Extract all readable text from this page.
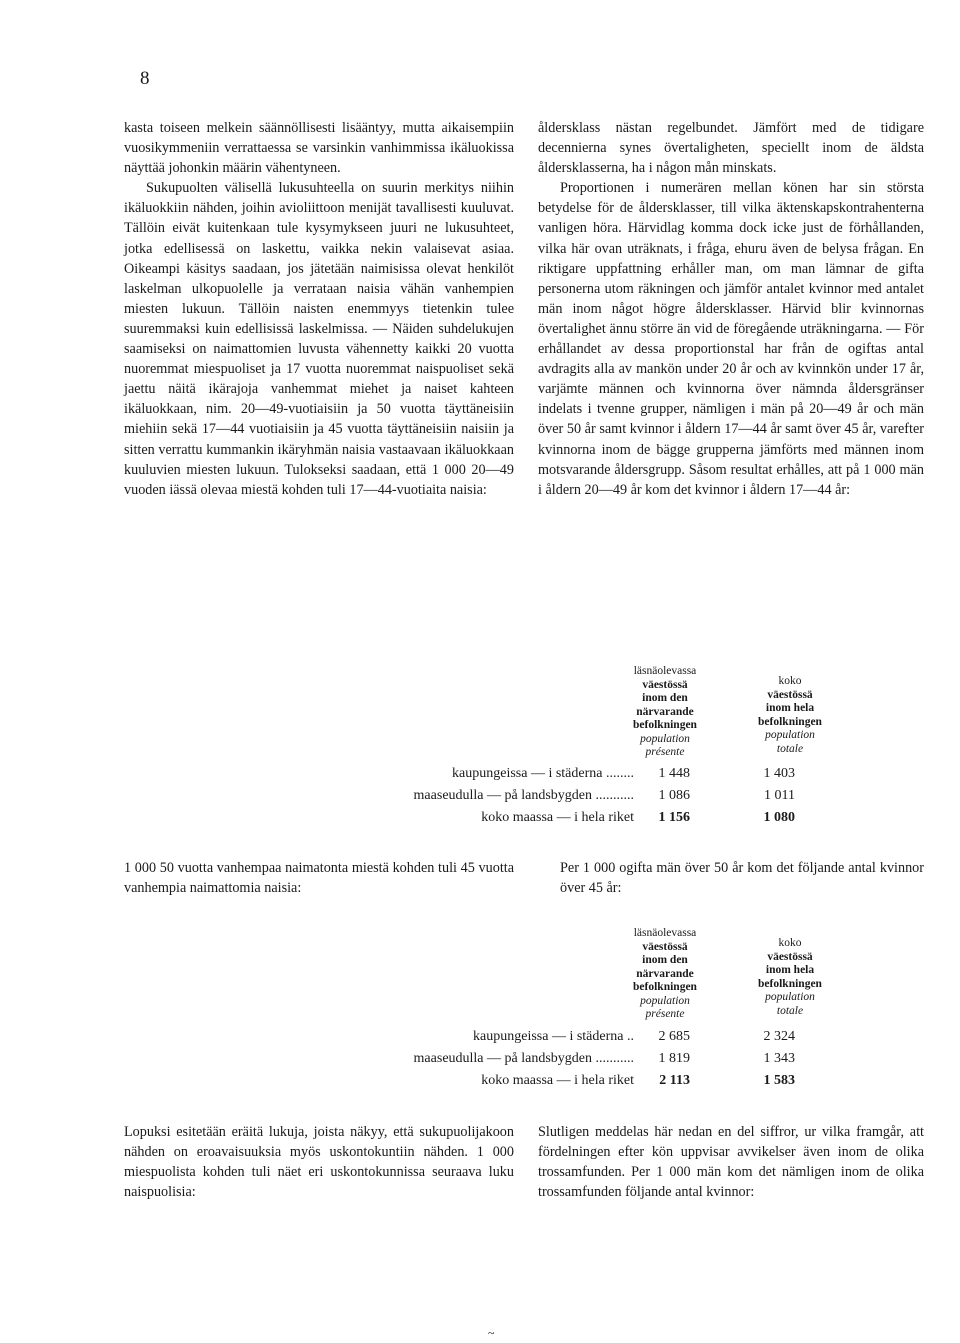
8

kasta toiseen melkein säännöllisesti lisääntyy, mutta aikaisempiin vuosikymmeniin verrattaessa se varsinkin vanhimmissa ikäluokissa näyttää johonkin määrin vähentyneen.

Sukupuolten välisellä lukusuhteella on suurin merkitys niihin ikäluokkiin nähden, joihin avioliittoon menijät tavallisesti kuuluvat. Tällöin eivät kuitenkaan tule kysymykseen juuri ne lukusuhteet, jotka edellisessä on laskettu, vaikka nekin valaisevat asiaa. Oikeampi käsitys saadaan, jos jätetään naimisissa olevat henkilöt laskelman ulkopuolelle ja verrataan naisia vähän vanhempien miesten lukuun. Tällöin naisten enemmyys tietenkin tulee suuremmaksi kuin edellisissä laskelmissa. — Näiden suhdelukujen saamiseksi on naimattomien luvusta vähennetty kaikki 20 vuotta nuoremmat miespuoliset ja 17 vuotta nuoremmat naispuoliset sekä jaettu näitä ikärajoja vanhemmat miehet ja naiset kahteen ikäluokkaan, nim. 20—49-vuotiaisiin ja 50 vuotta täyttäneisiin miehiin sekä 17—44 vuotiaisiin ja 45 vuotta täyttäneisiin naisiin ja sitten verrattu kummankin ikäryhmän naisia vastaavaan ikäluokkaan kuuluvien miesten lukuun. Tulokseksi saadaan, että 1 000 20—49 vuoden iässä olevaa miestä kohden tuli 17—44-vuotiaita naisia:

åldersklass nästan regelbundet. Jämfört med de tidigare decennierna synes övertaligheten, speciellt inom de äldsta åldersklasserna, ha i någon mån minskats.

Proportionen i numerären mellan könen har sin största betydelse för de åldersklasser, till vilka äktenskapskontrahenterna vanligen höra. Härvidlag komma dock icke just de förhållanden, vilka här ovan uträknats, i fråga, ehuru även de belysa frågan. En riktigare uppfattning erhåller man, om man lämnar de gifta personerna utom räkningen och jämför antalet kvinnor med antalet män inom något högre åldersklasser. Härvid blir kvinnornas övertalighet ännu större än vid de föregående uträkningarna. — För erhållandet av dessa proportionstal har från de ogiftas antal avdragits alla av mankön under 20 år och av kvinnkön under 17 år, varjämte männen och kvinnorna över nämnda åldersgränser indelats i tvenne grupper, nämligen i män på 20—49 år och män över 50 år samt kvinnor i åldern 17—44 år samt över 45 år, varefter kvinnorna inom de bägge grupperna jämförts med männen inom motsvarande åldersgrupp. Såsom resultat erhålles, att på 1 000 män i åldern 20—49 år kom det kvinnor i åldern 17—44 år:

läsnäolevassa
väestössä
inom den
närvarande
befolkningen
population
présente
koko
väestössä
inom hela
befolkningen
population
totale
kaupungeissa — i städerna ........	1 448	1 403
maaseudulla — på landsbygden ...........	1 086	1 011
koko maassa — i hela riket	1 156	1 080

1 000 50 vuotta vanhempaa naimatonta miestä kohden tuli 45 vuotta vanhempia naimattomia naisia:

Per 1 000 ogifta män över 50 år kom det följande antal kvinnor över 45 år:

läsnäolevassa
väestössä
inom den
närvarande
befolkningen
population
présente
koko
väestössä
inom hela
befolkningen
population
totale
kaupungeissa — i städerna ..	2 685	2 324
maaseudulla — på landsbygden ...........	1 819	1 343
koko maassa — i hela riket	2 113	1 583

Lopuksi esitetään eräitä lukuja, joista näkyy, että sukupuolijakoon nähden on eroavaisuuksia myös uskontokuntiin nähden. 1 000 miespuolista kohden tuli näet eri uskontokunnissa seuraava luku naispuolisia:

Slutligen meddelas här nedan en del siffror, ur vilka framgår, att fördelningen efter kön uppvisar avvikelser även inom de olika trossamfunden. Per 1 000 män kom det nämligen inom de olika trossamfunden följande antal kvinnor:

~
